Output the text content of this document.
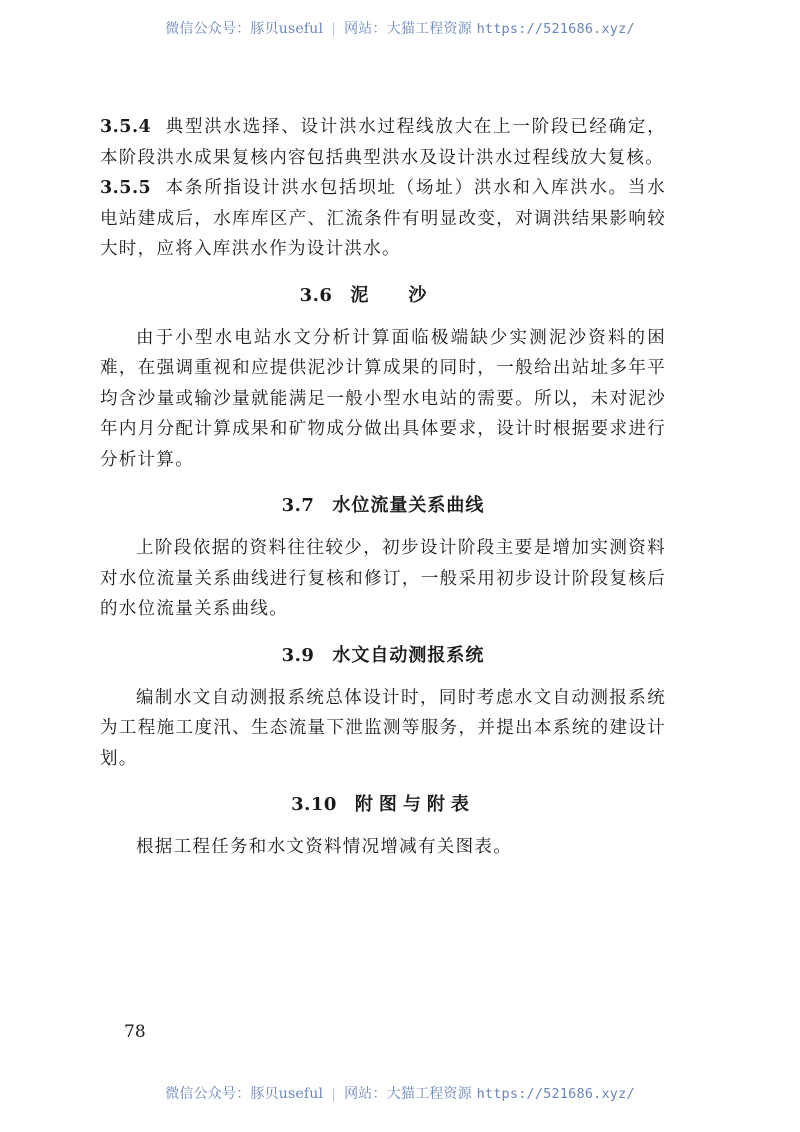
微信公众号：豚贝useful | 网站：大猫工程资源 https://521686.xyz/

3.5.4 典型洪水选择、设计洪水过程线放大在上一阶段已经确定，本阶段洪水成果复核内容包括典型洪水及设计洪水过程线放大复核。

3.5.5 本条所指设计洪水包括坝址（场址）洪水和入库洪水。当水电站建成后，水库库区产、汇流条件有明显改变，对调洪结果影响较大时，应将入库洪水作为设计洪水。

3.6 泥沙

由于小型水电站水文分析计算面临极端缺少实测泥沙资料的困难，在强调重视和应提供泥沙计算成果的同时，一般给出站址多年平均含沙量或输沙量就能满足一般小型水电站的需要。所以，未对泥沙年内月分配计算成果和矿物成分做出具体要求，设计时根据要求进行分析计算。

3.7 水位流量关系曲线

上阶段依据的资料往往较少，初步设计阶段主要是增加实测资料对水位流量关系曲线进行复核和修订，一般采用初步设计阶段复核后的水位流量关系曲线。

3.9 水文自动测报系统

编制水文自动测报系统总体设计时，同时考虑水文自动测报系统为工程施工度汛、生态流量下泄监测等服务，并提出本系统的建设计划。

3.10 附图与附表

根据工程任务和水文资料情况增减有关图表。

78
微信公众号：豚贝useful | 网站：大猫工程资源 https://521686.xyz/
